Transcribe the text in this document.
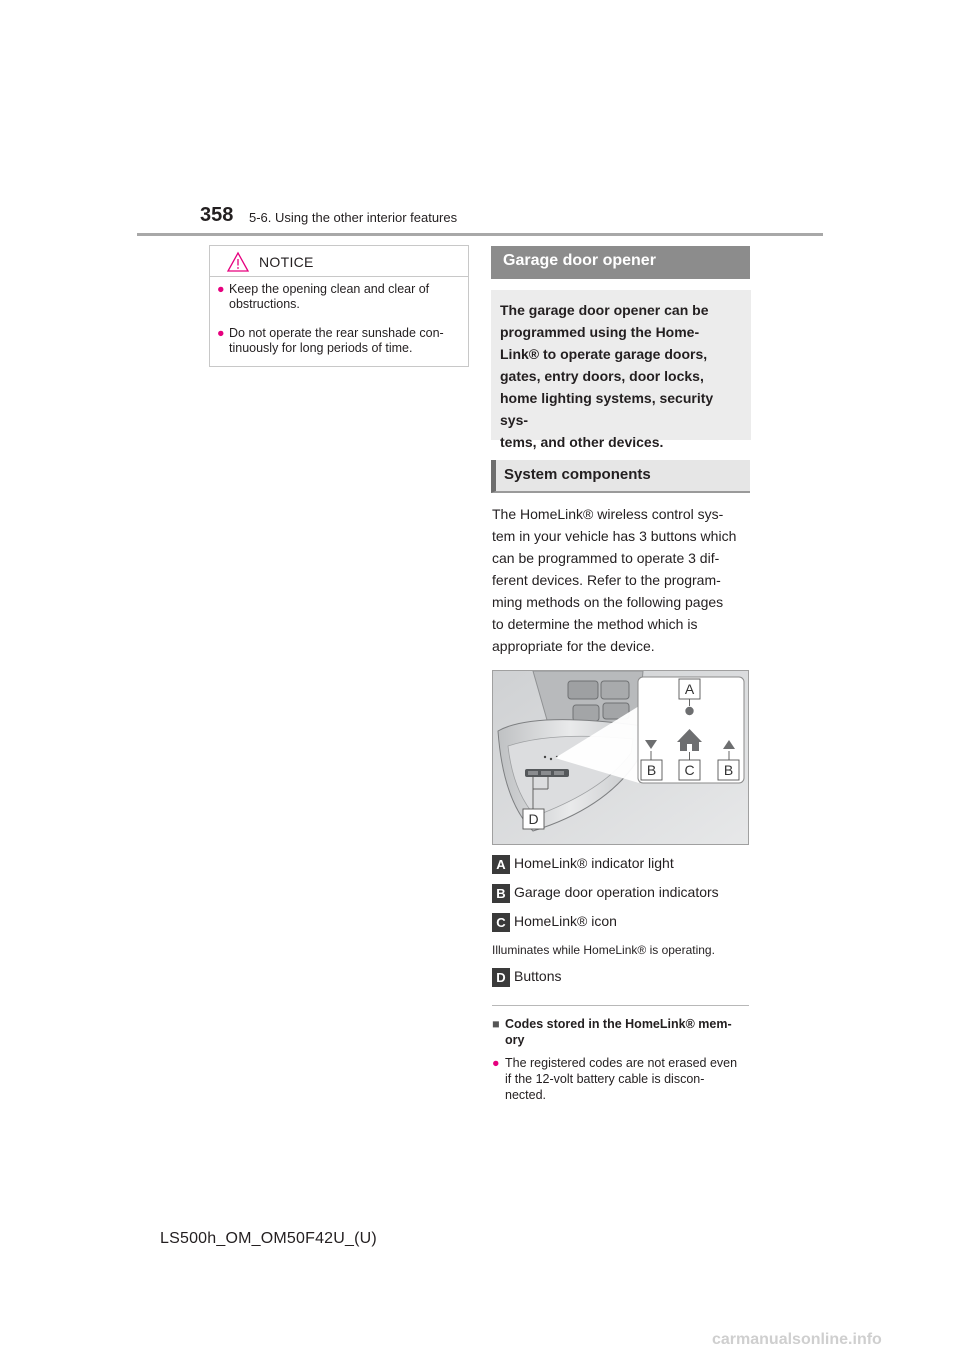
358 5-6. Using the other interior features
NOTICE
● Keep the opening clean and clear of obstructions.
● Do not operate the rear sunshade con- tinuously for long periods of time.
Garage door opener
The garage door opener can be
programmed using the Home-
Link® to operate garage doors,
gates, entry doors, door locks,
home lighting systems, security sys-
tems, and other devices.
System components
The HomeLink® wireless control sys-
tem in your vehicle has 3 buttons which
can be programmed to operate 3 dif-
ferent devices. Refer to the program-
ming methods on the following pages
to determine the method which is
appropriate for the device.
A
B C B
D
A HomeLink® indicator light
B Garage door operation indicators
C HomeLink® icon
Illuminates while HomeLink® is operating.
D Buttons
■ Codes stored in the HomeLink® mem-
ory
● The registered codes are not erased even
if the 12-volt battery cable is discon-
nected.
LS500h_OM_OM50F42U_(U)
carmanualsonline.info
